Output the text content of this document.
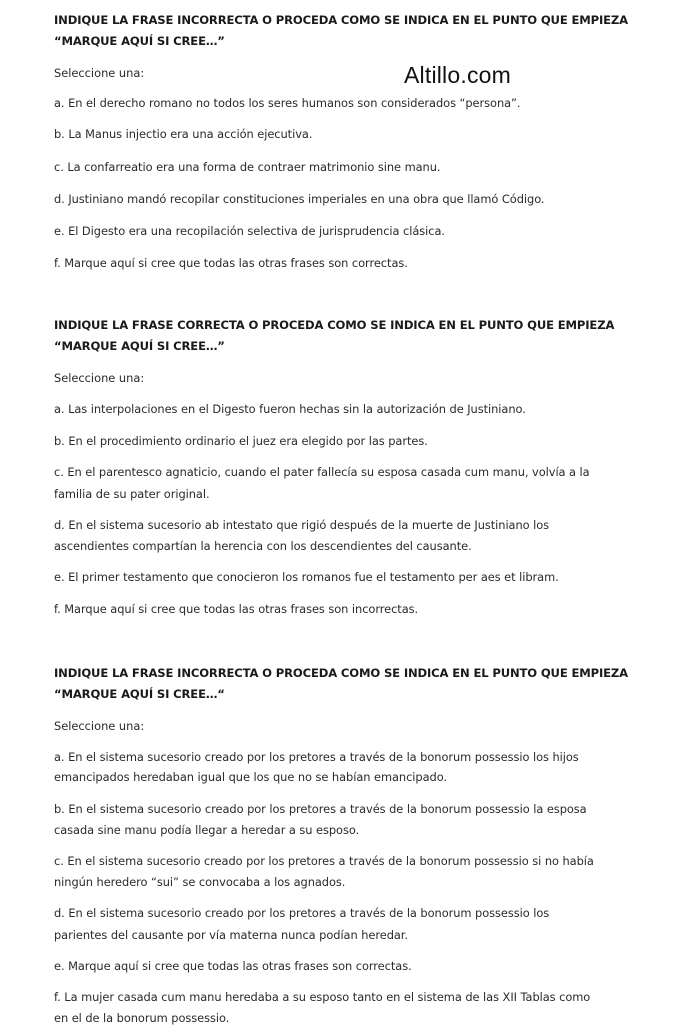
Altillo.com

INDIQUE LA FRASE INCORRECTA O PROCEDA COMO SE INDICA EN EL PUNTO QUE EMPIEZA

“MARQUE AQUÍ SI CREE…”

Seleccione una:

a. En el derecho romano no todos los seres humanos son considerados “persona”.

b. La Manus injectio era una acción ejecutiva.

c. La confarreatio era una forma de contraer matrimonio sine manu.

d. Justiniano mandó recopilar constituciones imperiales en una obra que llamó Código.

e. El Digesto era una recopilación selectiva de jurisprudencia clásica.

f. Marque aquí si cree que todas las otras frases son correctas.

INDIQUE LA FRASE CORRECTA O PROCEDA COMO SE INDICA EN EL PUNTO QUE EMPIEZA

“MARQUE AQUÍ SI CREE…”

Seleccione una:

a. Las interpolaciones en el Digesto fueron hechas sin la autorización de Justiniano.

b. En el procedimiento ordinario el juez era elegido por las partes.

c. En el parentesco agnaticio, cuando el pater fallecía su esposa casada cum manu, volvía a la

familia de su pater original.

d. En el sistema sucesorio ab intestato que rigió después de la muerte de Justiniano los

ascendientes compartían la herencia con los descendientes del causante.

e. El primer testamento que conocieron los romanos fue el testamento per aes et libram.

f. Marque aquí si cree que todas las otras frases son incorrectas.

INDIQUE LA FRASE INCORRECTA O PROCEDA COMO SE INDICA EN EL PUNTO QUE EMPIEZA

“MARQUE AQUÍ SI CREE…“

Seleccione una:

a. En el sistema sucesorio creado por los pretores a través de la bonorum possessio los hijos

emancipados heredaban igual que los que no se habían emancipado.

b. En el sistema sucesorio creado por los pretores a través de la bonorum possessio la esposa

casada sine manu podía llegar a heredar a su esposo.

c. En el sistema sucesorio creado por los pretores a través de la bonorum possessio si no había

ningún heredero “sui” se convocaba a los agnados.

d. En el sistema sucesorio creado por los pretores a través de la bonorum possessio los

parientes del causante por vía materna nunca podían heredar.

e. Marque aquí si cree que todas las otras frases son correctas.

f. La mujer casada cum manu heredaba a su esposo tanto en el sistema de las XII Tablas como

en el de la bonorum possessio.
